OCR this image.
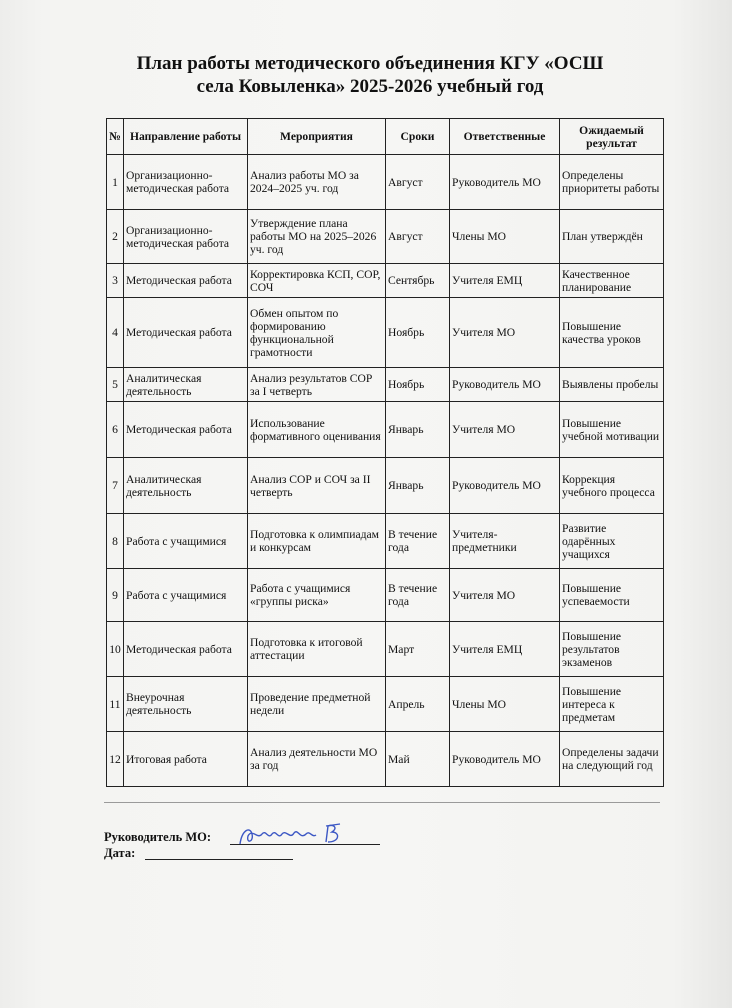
План работы методического объединения КГУ «ОСШ
села Ковыленка» 2025-2026 учебный год
№	Направление работы	Мероприятия	Сроки	Ответственные	Ожидаемый результат
1	Организационно-методическая работа	Анализ работы МО за 2024–2025 уч. год	Август	Руководитель МО	Определены приоритеты работы
2	Организационно-методическая работа	Утверждение плана работы МО на 2025–2026 уч. год	Август	Члены МО	План утверждён
3	Методическая работа	Корректировка КСП, СОР, СОЧ	Сентябрь	Учителя ЕМЦ	Качественное планирование
4	Методическая работа	Обмен опытом по формированию функциональной грамотности	Ноябрь	Учителя МО	Повышение качества уроков
5	Аналитическая деятельность	Анализ результатов СОР за I четверть	Ноябрь	Руководитель МО	Выявлены пробелы
6	Методическая работа	Использование формативного оценивания	Январь	Учителя МО	Повышение учебной мотивации
7	Аналитическая деятельность	Анализ СОР и СОЧ за II четверть	Январь	Руководитель МО	Коррекция учебного процесса
8	Работа с учащимися	Подготовка к олимпиадам и конкурсам	В течение года	Учителя-предметники	Развитие одарённых учащихся
9	Работа с учащимися	Работа с учащимися «группы риска»	В течение года	Учителя МО	Повышение успеваемости
10	Методическая работа	Подготовка к итоговой аттестации	Март	Учителя ЕМЦ	Повышение результатов экзаменов
11	Внеурочная деятельность	Проведение предметной недели	Апрель	Члены МО	Повышение интереса к предметам
12	Итоговая работа	Анализ деятельности МО за год	Май	Руководитель МО	Определены задачи на следующий год
Руководитель МО:
Дата:
